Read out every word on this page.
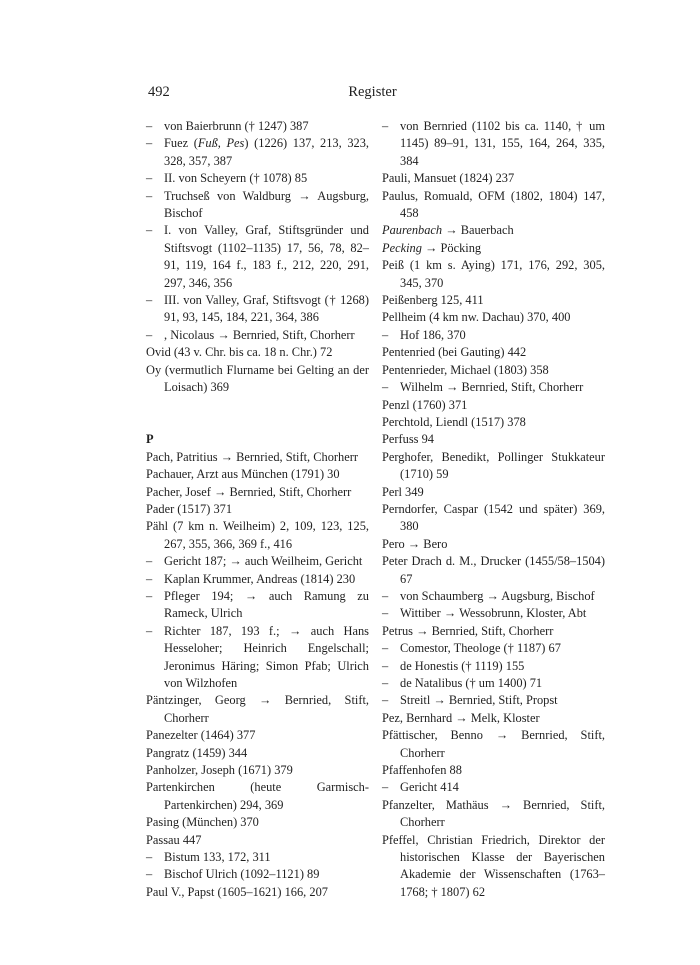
492	Register

– von Baierbrunn († 1247) 387

– Fuez (Fuß, Pes) (1226) 137, 213, 323, 328, 357, 387

– II. von Scheyern († 1078) 85

– Truchseß von Waldburg → Augsburg, Bischof

– I. von Valley, Graf, Stiftsgründer und Stiftsvogt (1102–1135) 17, 56, 78, 82–91, 119, 164 f., 183 f., 212, 220, 291, 297, 346, 356

– III. von Valley, Graf, Stiftsvogt († 1268) 91, 93, 145, 184, 221, 364, 386

– , Nicolaus → Bernried, Stift, Chorherr

Ovid (43 v. Chr. bis ca. 18 n. Chr.) 72

Oy (vermutlich Flurname bei Gelting an der Loisach) 369

P

Pach, Patritius → Bernried, Stift, Chorherr

Pachauer, Arzt aus München (1791) 30

Pacher, Josef → Bernried, Stift, Chorherr

Pader (1517) 371

Pähl (7 km n. Weilheim) 2, 109, 123, 125, 267, 355, 366, 369 f., 416

– Gericht 187; → auch Weilheim, Gericht

– Kaplan Krummer, Andreas (1814) 230

– Pfleger 194; → auch Ramung zu Rameck, Ulrich

– Richter 187, 193 f.; → auch Hans Hesseloher; Heinrich Engelschall; Jeronimus Häring; Simon Pfab; Ulrich von Wilzhofen

Päntzinger, Georg → Bernried, Stift, Chorherr

Panezelter (1464) 377

Pangratz (1459) 344

Panholzer, Joseph (1671) 379

Partenkirchen (heute Garmisch-Partenkirchen) 294, 369

Pasing (München) 370

Passau 447

– Bistum 133, 172, 311

– Bischof Ulrich (1092–1121) 89

Paul V., Papst (1605–1621) 166, 207

– von Bernried (1102 bis ca. 1140, † um 1145) 89–91, 131, 155, 164, 264, 335, 384

Pauli, Mansuet (1824) 237

Paulus, Romuald, OFM (1802, 1804) 147, 458

Paurenbach → Bauerbach

Pecking → Pöcking

Peiß (1 km s. Aying) 171, 176, 292, 305, 345, 370

Peißenberg 125, 411

Pellheim (4 km nw. Dachau) 370, 400

– Hof 186, 370

Pentenried (bei Gauting) 442

Pentenrieder, Michael (1803) 358

– Wilhelm → Bernried, Stift, Chorherr

Penzl (1760) 371

Perchtold, Liendl (1517) 378

Perfuss 94

Perghofer, Benedikt, Pollinger Stukkateur (1710) 59

Perl 349

Perndorfer, Caspar (1542 und später) 369, 380

Pero → Bero

Peter Drach d. M., Drucker (1455/58–1504) 67

– von Schaumberg → Augsburg, Bischof

– Wittiber → Wessobrunn, Kloster, Abt

Petrus → Bernried, Stift, Chorherr

– Comestor, Theologe († 1187) 67

– de Honestis († 1119) 155

– de Natalibus († um 1400) 71

– Streitl → Bernried, Stift, Propst

Pez, Bernhard → Melk, Kloster

Pfättischer, Benno → Bernried, Stift, Chorherr

Pfaffenhofen 88

– Gericht 414

Pfanzelter, Mathäus → Bernried, Stift, Chorherr

Pfeffel, Christian Friedrich, Direktor der historischen Klasse der Bayerischen Akademie der Wissenschaften (1763–1768; † 1807) 62
